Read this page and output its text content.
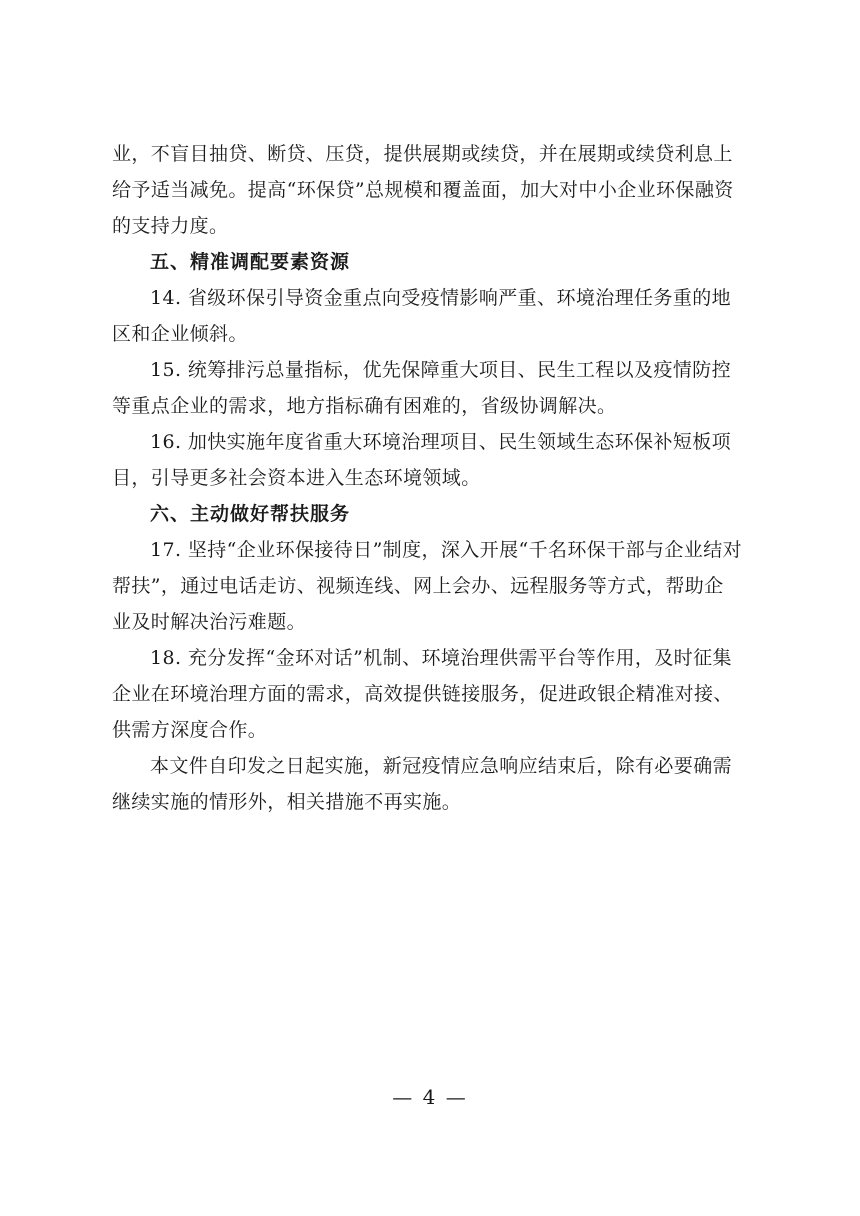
业，不盲目抽贷、断贷、压贷，提供展期或续贷，并在展期或续贷利息上
给予适当减免。提高“环保贷”总规模和覆盖面，加大对中小企业环保融资
的支持力度。
五、精准调配要素资源
14. 省级环保引导资金重点向受疫情影响严重、环境治理任务重的地
区和企业倾斜。
15. 统筹排污总量指标，优先保障重大项目、民生工程以及疫情防控
等重点企业的需求，地方指标确有困难的，省级协调解决。
16. 加快实施年度省重大环境治理项目、民生领域生态环保补短板项
目，引导更多社会资本进入生态环境领域。
六、主动做好帮扶服务
17. 坚持“企业环保接待日”制度，深入开展“千名环保干部与企业结对
帮扶”，通过电话走访、视频连线、网上会办、远程服务等方式，帮助企
业及时解决治污难题。
18. 充分发挥“金环对话”机制、环境治理供需平台等作用，及时征集
企业在环境治理方面的需求，高效提供链接服务，促进政银企精准对接、
供需方深度合作。
本文件自印发之日起实施，新冠疫情应急响应结束后，除有必要确需
继续实施的情形外，相关措施不再实施。
— 4 —
